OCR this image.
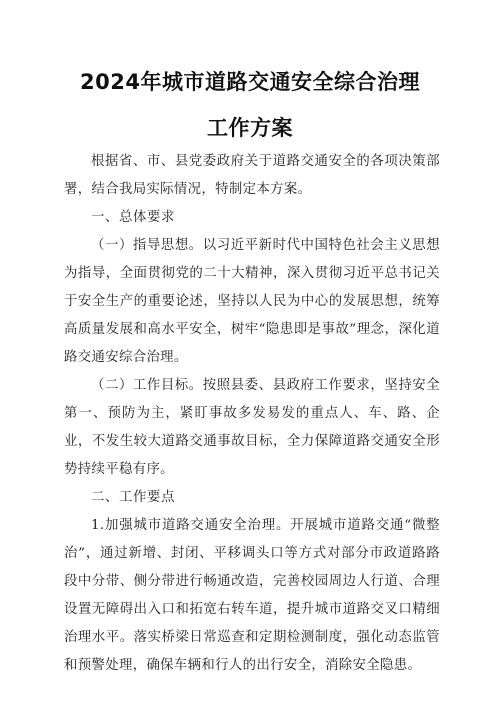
2024年城市道路交通安全综合治理
工作方案
根据省、市、县党委政府关于道路交通安全的各项决策部署，结合我局实际情况，特制定本方案。
一、总体要求
（一）指导思想。以习近平新时代中国特色社会主义思想为指导，全面贯彻党的二十大精神，深入贯彻习近平总书记关于安全生产的重要论述，坚持以人民为中心的发展思想，统筹高质量发展和高水平安全，树牢“隐患即是事故”理念，深化道路交通安综合治理。
（二）工作目标。按照县委、县政府工作要求，坚持安全第一、预防为主，紧盯事故多发易发的重点人、车、路、企业，不发生较大道路交通事故目标，全力保障道路交通安全形势持续平稳有序。
二、工作要点
1.加强城市道路交通安全治理。开展城市道路交通“微整治”，通过新增、封闭、平移调头口等方式对部分市政道路路段中分带、侧分带进行畅通改造，完善校园周边人行道、合理设置无障碍出入口和拓宽右转车道，提升城市道路交叉口精细治理水平。落实桥梁日常巡查和定期检测制度，强化动态监管和预警处理，确保车辆和行人的出行安全，消除安全隐患。
